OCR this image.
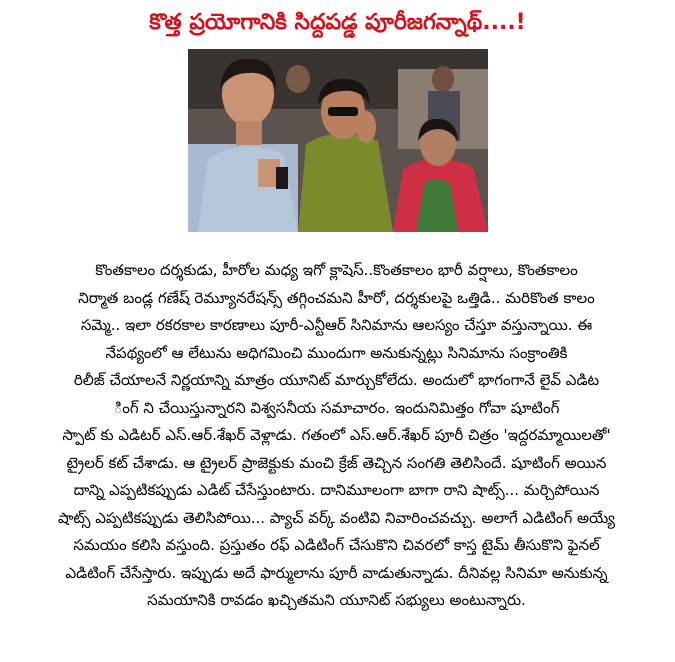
కొత్త ప్రయోగానికి సిద్దపడ్డ పూరీజగన్నాథ్....!
కొంతకాలం దర్శకుడు, హీరోల మధ్య ఇగో క్లాషెస్..కొంతకాలం భారీ వర్షాలు, కొంతకాలం
నిర్మాత బండ్ల గణేష్ రెమ్యూనరేషన్స్ తగ్గించమని హీరో, దర్శకులపై ఒత్తిడి.. మరికొంత కాలం
సమ్మె.. ఇలా రకరకాల కారణాలు పూరీ-ఎన్టీఆర్ సినిమాను ఆలస్యం చేస్తూ వస్తున్నాయి. ఈ
నేపథ్యంలో ఆ లేటును అధిగమించి ముందుగా అనుకున్నట్లు సినిమాను సంక్రాంతికి
రిలీజ్ చేయాలనే నిర్ణయాన్ని మాత్రం యూనిట్ మార్చుకోలేదు. అందులో భాగంగానే లైవ్ ఎడిట
ింగ్ ని చేయిస్తున్నారని విశ్వసనీయ సమాచారం. ఇందునిమిత్తం గోవా షూటింగ్
స్పాట్ కు ఎడిటర్ ఎస్.ఆర్.శేఖర్ వెళ్లాడు. గతంలో ఎస్.ఆర్.శేఖర్ పూరీ చిత్రం 'ఇద్దరమ్మాయిలతో'
ట్రైలర్ కట్ చేశాడు. ఆ ట్రైలర్ ప్రాజెక్టుకు మంచి క్రేజ్ తెచ్చిన సంగతి తెలిసిందే. షూటింగ్ అయిన
దాన్ని ఎప్పటికప్పుడు ఎడిట్ చేసేస్తుంటారు. దానిమూలంగా బాగా రాని షాట్స్... మర్చిపోయిన
షాట్స్ ఎప్పటికప్పుడు తెలిసిపోయి... ప్యాచ్ వర్క్ వంటివి నివారించవచ్చు. అలాగే ఎడిటింగ్ అయ్యే
సమయం కలిసి వస్తుంది. ప్రస్తుతం రఫ్ ఎడిటింగ్ చేసుకొని చివరలో కాస్త టైమ్ తీసుకొని ఫైనల్
ఎడిటింగ్ చేసేస్తారు. ఇప్పుడు అదే ఫార్ములాను పూరీ వాడుతున్నాడు. దీనివల్ల సినిమా అనుకున్న
సమయానికి రావడం ఖచ్చితమని యూనిట్ సభ్యులు అంటున్నారు.
